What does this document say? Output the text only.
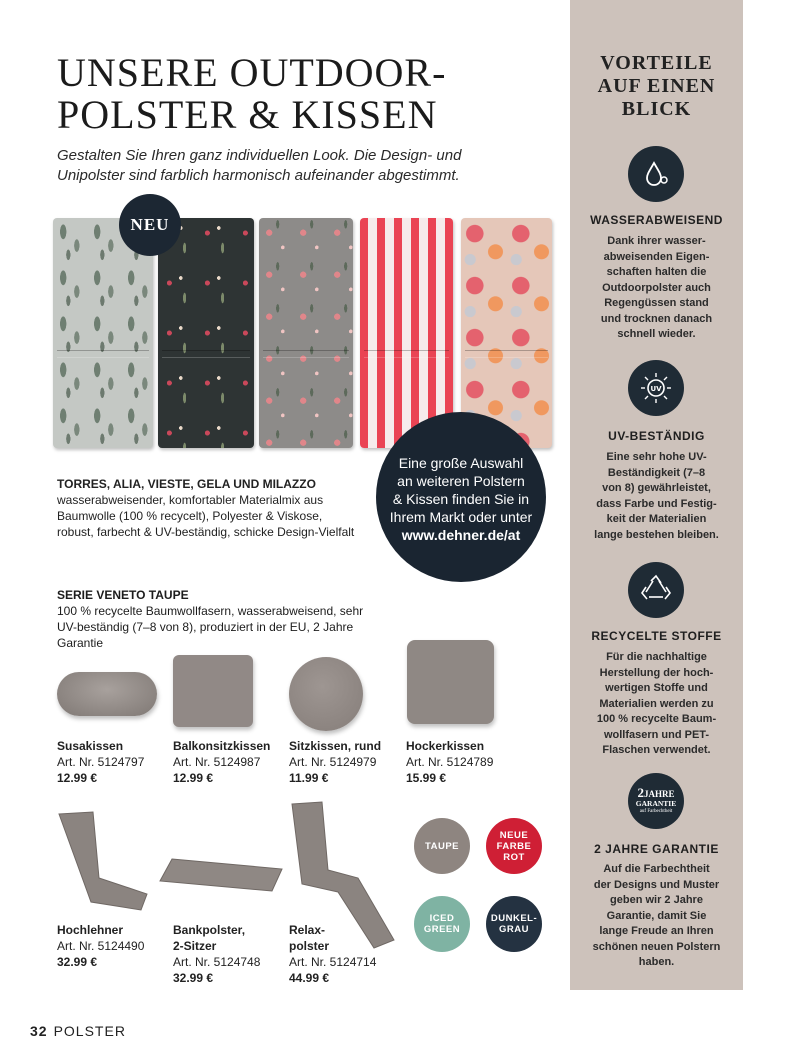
UNSERE OUTDOOR-
POLSTER & KISSEN
Gestalten Sie Ihren ganz individuellen Look. Die Design- und Unipolster sind farblich harmonisch aufeinander abgestimmt.
NEU
Eine große Auswahl
an weiteren Polstern
& Kissen finden Sie in
Ihrem Markt oder unter
www.dehner.de/at
TORRES, ALIA, VIESTE, GELA UND MILAZZO wasserabweisender, komfortabler Materialmix aus Baumwolle (100 % recycelt), Polyester & Viskose, robust, farbecht & UV-beständig, schicke Design-Vielfalt
SERIE VENETO TAUPE
100 % recycelte Baumwollfasern, wasserabweisend, sehr UV-beständig (7–8 von 8), produziert in der EU, 2 Jahre Garantie
Susakissen
Art. Nr. 5124797
12.99 €
Balkonsitzkissen
Art. Nr. 5124987
12.99 €
Sitzkissen, rund
Art. Nr. 5124979
11.99 €
Hockerkissen
Art. Nr. 5124789
15.99 €
Hochlehner
Art. Nr. 5124490
32.99 €
Bankpolster,
2-Sitzer
Art. Nr. 5124748
32.99 €
Relax-
polster
Art. Nr. 5124714
44.99 €
TAUPE
NEUE
FARBE
ROT
ICED
GREEN
DUNKEL-
GRAU
VORTEILE
AUF EINEN
BLICK
WASSERABWEISEND
Dank ihrer wasser-
abweisenden Eigen-
schaften halten die
Outdoorpolster auch
Regengüssen stand
und trocknen danach
schnell wieder.
UV
UV-BESTÄNDIG
Eine sehr hohe UV-
Beständigkeit (7–8
von 8) gewährleistet,
dass Farbe und Festig-
keit der Materialien
lange bestehen bleiben.
RECYCELTE STOFFE
Für die nachhaltige
Herstellung der hoch-
wertigen Stoffe und
Materialien werden zu
100 % recycelte Baum-
wollfasern und PET-
Flaschen verwendet.
2JAHRE
GARANTIE
auf Farbechtheit
2 JAHRE GARANTIE
Auf die Farbechtheit
der Designs und Muster
geben wir 2 Jahre
Garantie, damit Sie
lange Freude an Ihren
schönen neuen Polstern
haben.
32 POLSTER
